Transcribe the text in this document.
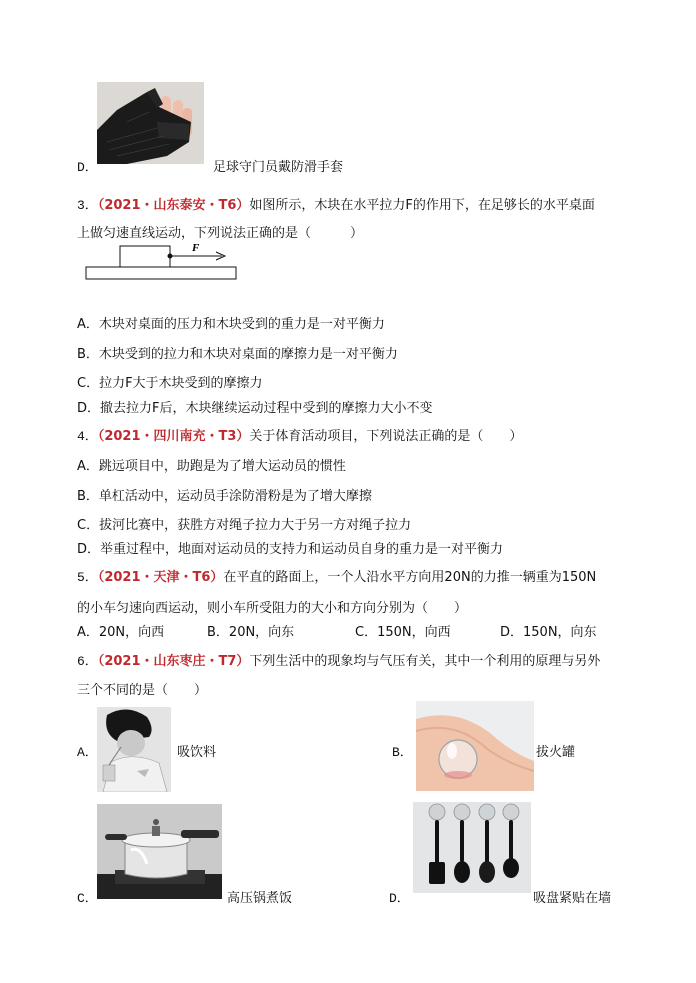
D．	足球守门员戴防滑手套
3．（2021・山东泰安・T6）如图所示，木块在水平拉力F的作用下，在足够长的水平桌面
上做匀速直线运动，下列说法正确的是（　　　）
F
A．木块对桌面的压力和木块受到的重力是一对平衡力
B．木块受到的拉力和木块对桌面的摩擦力是一对平衡力
C．拉力F大于木块受到的摩擦力
D．撤去拉力F后，木块继续运动过程中受到的摩擦力大小不变
4．（2021・四川南充・T3）关于体育活动项目，下列说法正确的是（　　）
A．跳远项目中，助跑是为了增大运动员的惯性
B．单杠活动中，运动员手涂防滑粉是为了增大摩擦
C．拔河比赛中，获胜方对绳子拉力大于另一方对绳子拉力
D．举重过程中，地面对运动员的支持力和运动员自身的重力是一对平衡力
5．（2021・天津・T6）在平直的路面上，一个人沿水平方向用20N的力推一辆重为150N
的小车匀速向西运动，则小车所受阻力的大小和方向分别为（　　）
A．20N，向西	B．20N，向东	C．150N，向西	D．150N，向东
6．（2021・山东枣庄・T7）下列生活中的现象均与气压有关，其中一个利用的原理与另外
三个不同的是（　　）
A．	吸饮料	B．	拔火罐
C．	高压锅煮饭	D．	吸盘紧贴在墙
